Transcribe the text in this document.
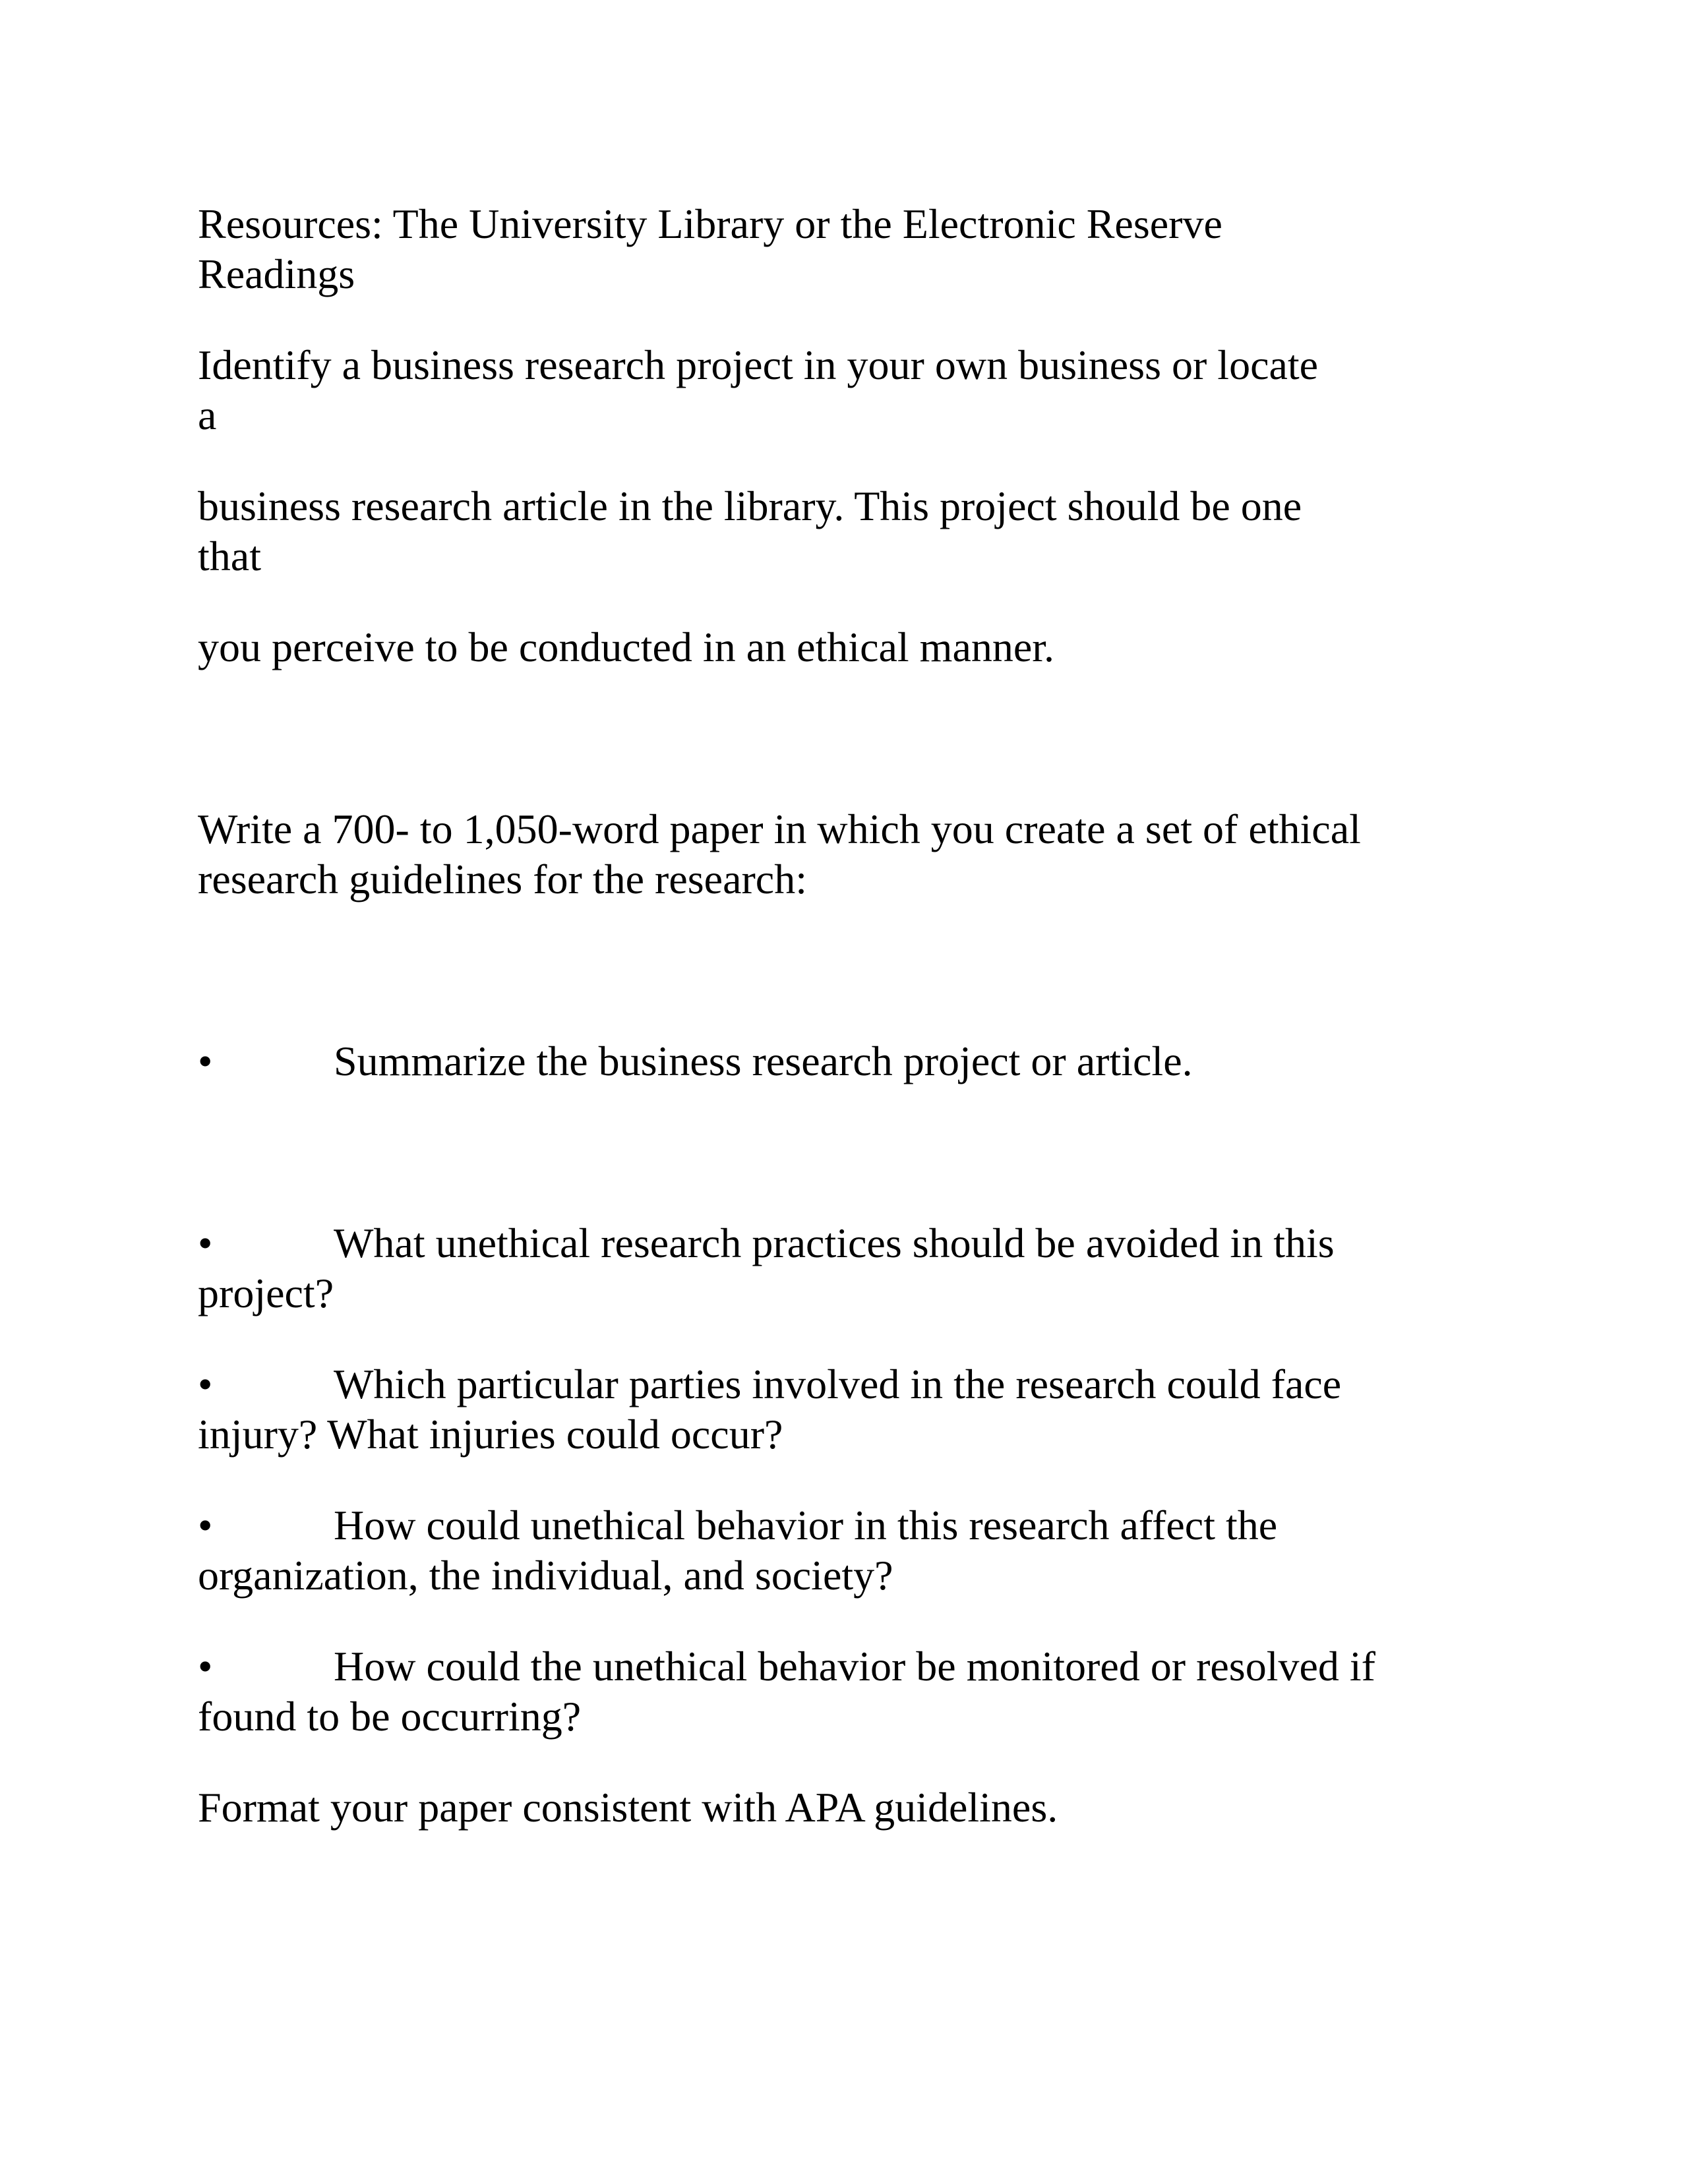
Resources: The University Library or the Electronic Reserve
Readings
Identify a business research project in your own business or locate
a
business research article in the library. This project should be one
that
you perceive to be conducted in an ethical manner.
Write a 700- to 1,050-word paper in which you create a set of ethical
research guidelines for the research:
•	Summarize the business research project or article.
•	What unethical research practices should be avoided in this
project?
•	Which particular parties involved in the research could face
injury? What injuries could occur?
•	How could unethical behavior in this research affect the
organization, the individual, and society?
•	How could the unethical behavior be monitored or resolved if
found to be occurring?
Format your paper consistent with APA guidelines.
